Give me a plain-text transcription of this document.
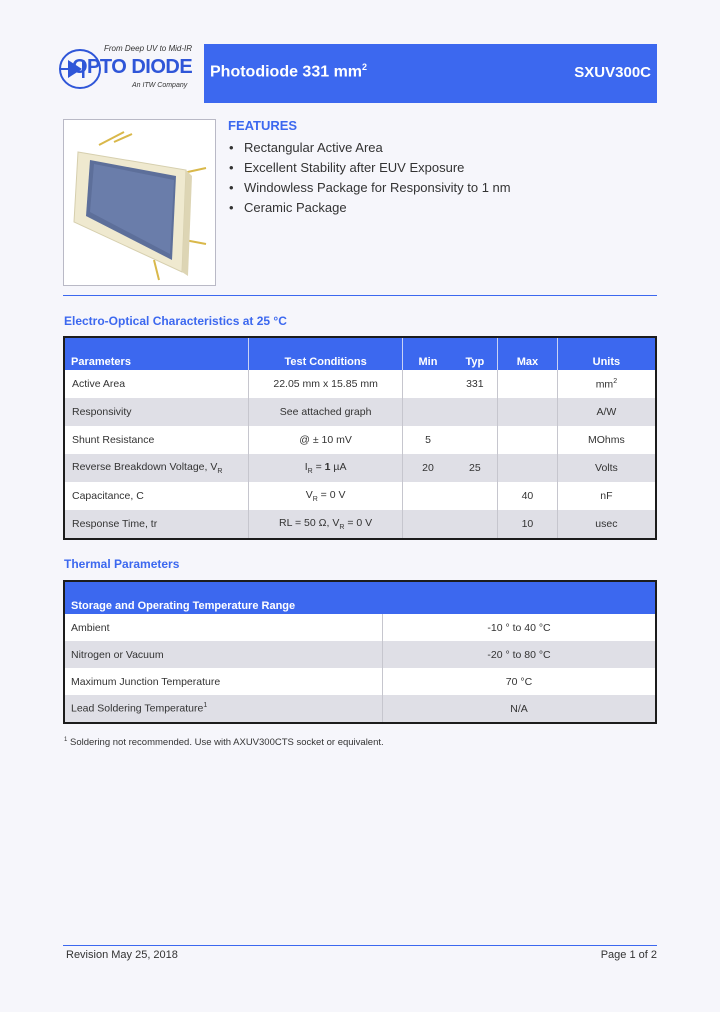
From Deep UV to Mid-IR
OPTO DIODE
An ITW Company
Photodiode 331 $mm^2$	SXUV300C
FEATURES
• Rectangular Active Area
• Excellent Stability after EUV Exposure
• Windowless Package for Responsivity to 1 nm
• Ceramic Package
Electro-Optical Characteristics at 25 °C
Parameters	Test Conditions	Min	Typ	Max	Units
Active Area	22.05 mm x 15.85 mm		331		$mm^2$
Responsivity	See attached graph				A/W
Shunt Resistance	@ ± 10 mV	5			MOhms
Reverse Breakdown Voltage, $V_R$	$I_R = 1$ µA	20	25		Volts
Capacitance, C	$V_R = 0$ V			40	nF
Response Time, tr	RL = 50 Ω, $V_R = 0$ V			10	usec
Thermal Parameters
Storage and Operating Temperature Range	
Ambient	-10 ° to 40 °C
Nitrogen or Vacuum	-20 ° to 80 °C
Maximum Junction Temperature	70 °C
Lead Soldering Temperature$^1$	N/A
$^1$ Soldering not recommended. Use with AXUV300CTS socket or equivalent.
Revision May 25, 2018	Page 1 of 2
